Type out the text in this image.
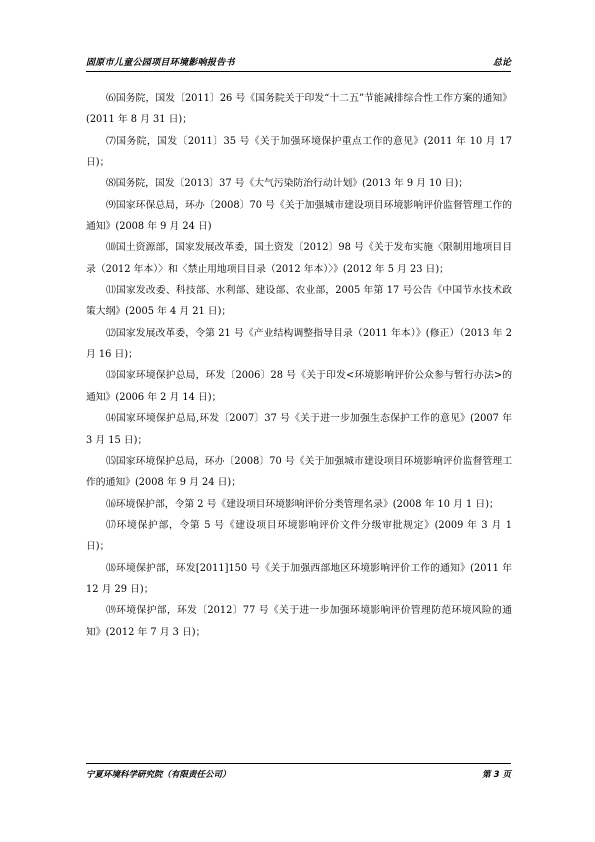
固原市儿童公园项目环境影响报告书	总论

⑹国务院，国发〔2011〕26 号《国务院关于印发“十二五”节能减排综合性工作方案的通知》(2011 年 8 月 31 日)；

⑺国务院，国发〔2011〕35 号《关于加强环境保护重点工作的意见》(2011 年 10 月 17 日)；

⑻国务院，国发〔2013〕37 号《大气污染防治行动计划》(2013 年 9 月 10 日)；

⑼国家环保总局，环办〔2008〕70 号《关于加强城市建设项目环境影响评价监督管理工作的通知》(2008 年 9 月 24 日)

⑽国土资源部，国家发展改革委，国土资发〔2012〕98 号《关于发布实施〈限制用地项目目录（2012 年本）〉和〈禁止用地项目目录（2012 年本）〉》(2012 年 5 月 23 日)；

⑾国家发改委、科技部、水利部、建设部、农业部，2005 年第 17 号公告《中国节水技术政策大纲》(2005 年 4 月 21 日)；

⑿国家发展改革委，令第 21 号《产业结构调整指导目录（2011 年本）》(修正）（2013 年 2 月 16 日)；

⒀国家环境保护总局，环发〔2006〕28 号《关于印发<环境影响评价公众参与暂行办法>的通知》(2006 年 2 月 14 日)；

⒁国家环境保护总局,环发〔2007〕37 号《关于进一步加强生态保护工作的意见》(2007 年 3 月 15 日)；

⒂国家环境保护总局，环办〔2008〕70 号《关于加强城市建设项目环境影响评价监督管理工作的通知》(2008 年 9 月 24 日)；

⒃环境保护部，令第 2 号《建设项目环境影响评价分类管理名录》(2008 年 10 月 1 日)；

⒄环境保护部，令第 5 号《建设项目环境影响评价文件分级审批规定》(2009 年 3 月 1 日)；

⒅环境保护部，环发[2011]150 号《关于加强西部地区环境影响评价工作的通知》(2011 年 12 月 29 日)；

⒆环境保护部，环发〔2012〕77 号《关于进一步加强环境影响评价管理防范环境风险的通知》(2012 年 7 月 3 日)；

宁夏环境科学研究院（有限责任公司）	第 3 页
